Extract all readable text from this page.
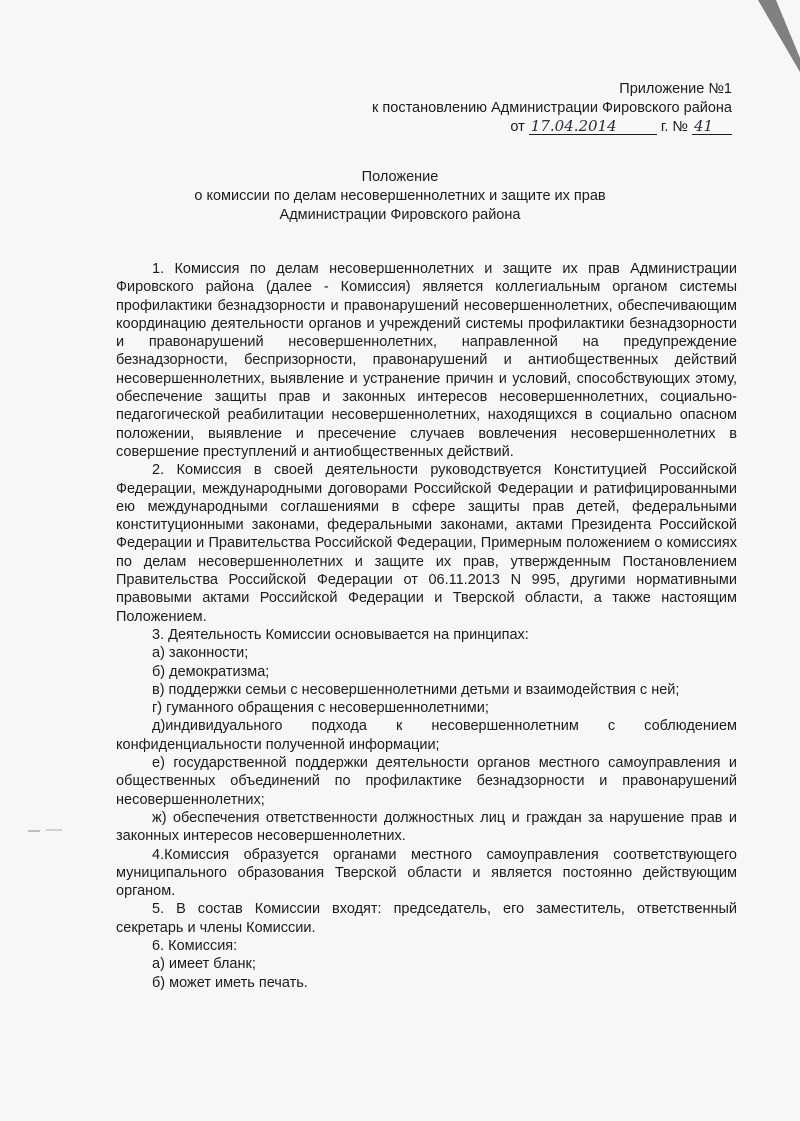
Приложение №1
к постановлению Администрации Фировского района
от 17.04.2014	г. № 41
Положение
о комиссии по делам несовершеннолетних и защите их прав
Администрации Фировского района

1. Комиссия по делам несовершеннолетних и защите их прав Администрации Фировского района (далее - Комиссия) является коллегиальным органом системы профилактики безнадзорности и правонарушений несовершеннолетних, обеспечивающим координацию деятельности органов и учреждений системы профилактики безнадзорности и правонарушений несовершеннолетних, направленной на предупреждение безнадзорности, беспризорности, правонарушений и антиобщественных действий несовершеннолетних, выявление и устранение причин и условий, способствующих этому, обеспечение защиты прав и законных интересов несовершеннолетних, социально-педагогической реабилитации несовершеннолетних, находящихся в социально опасном положении, выявление и пресечение случаев вовлечения несовершеннолетних в совершение преступлений и антиобщественных действий.

2. Комиссия в своей деятельности руководствуется Конституцией Российской Федерации, международными договорами Российской Федерации и ратифицированными ею международными соглашениями в сфере защиты прав детей, федеральными конституционными законами, федеральными законами, актами Президента Российской Федерации и Правительства Российской Федерации, Примерным положением о комиссиях по делам несовершеннолетних и защите их прав, утвержденным Постановлением Правительства Российской Федерации от 06.11.2013 N 995, другими нормативными правовыми актами Российской Федерации и Тверской области, а также настоящим Положением.

3. Деятельность Комиссии основывается на принципах:

а) законности;

б) демократизма;

в) поддержки семьи с несовершеннолетними детьми и взаимодействия с ней;

г) гуманного обращения с несовершеннолетними;

д)индивидуального подхода к несовершеннолетним с соблюдением конфиденциальности полученной информации;

е) государственной поддержки деятельности органов местного самоуправления и общественных объединений по профилактике безнадзорности и правонарушений несовершеннолетних;

ж) обеспечения ответственности должностных лиц и граждан за нарушение прав и законных интересов несовершеннолетних.

4.Комиссия образуется органами местного самоуправления соответствующего муниципального образования Тверской области и является постоянно действующим органом.

5. В состав Комиссии входят: председатель, его заместитель, ответственный секретарь и члены Комиссии.

6. Комиссия:

а) имеет бланк;

б) может иметь печать.
